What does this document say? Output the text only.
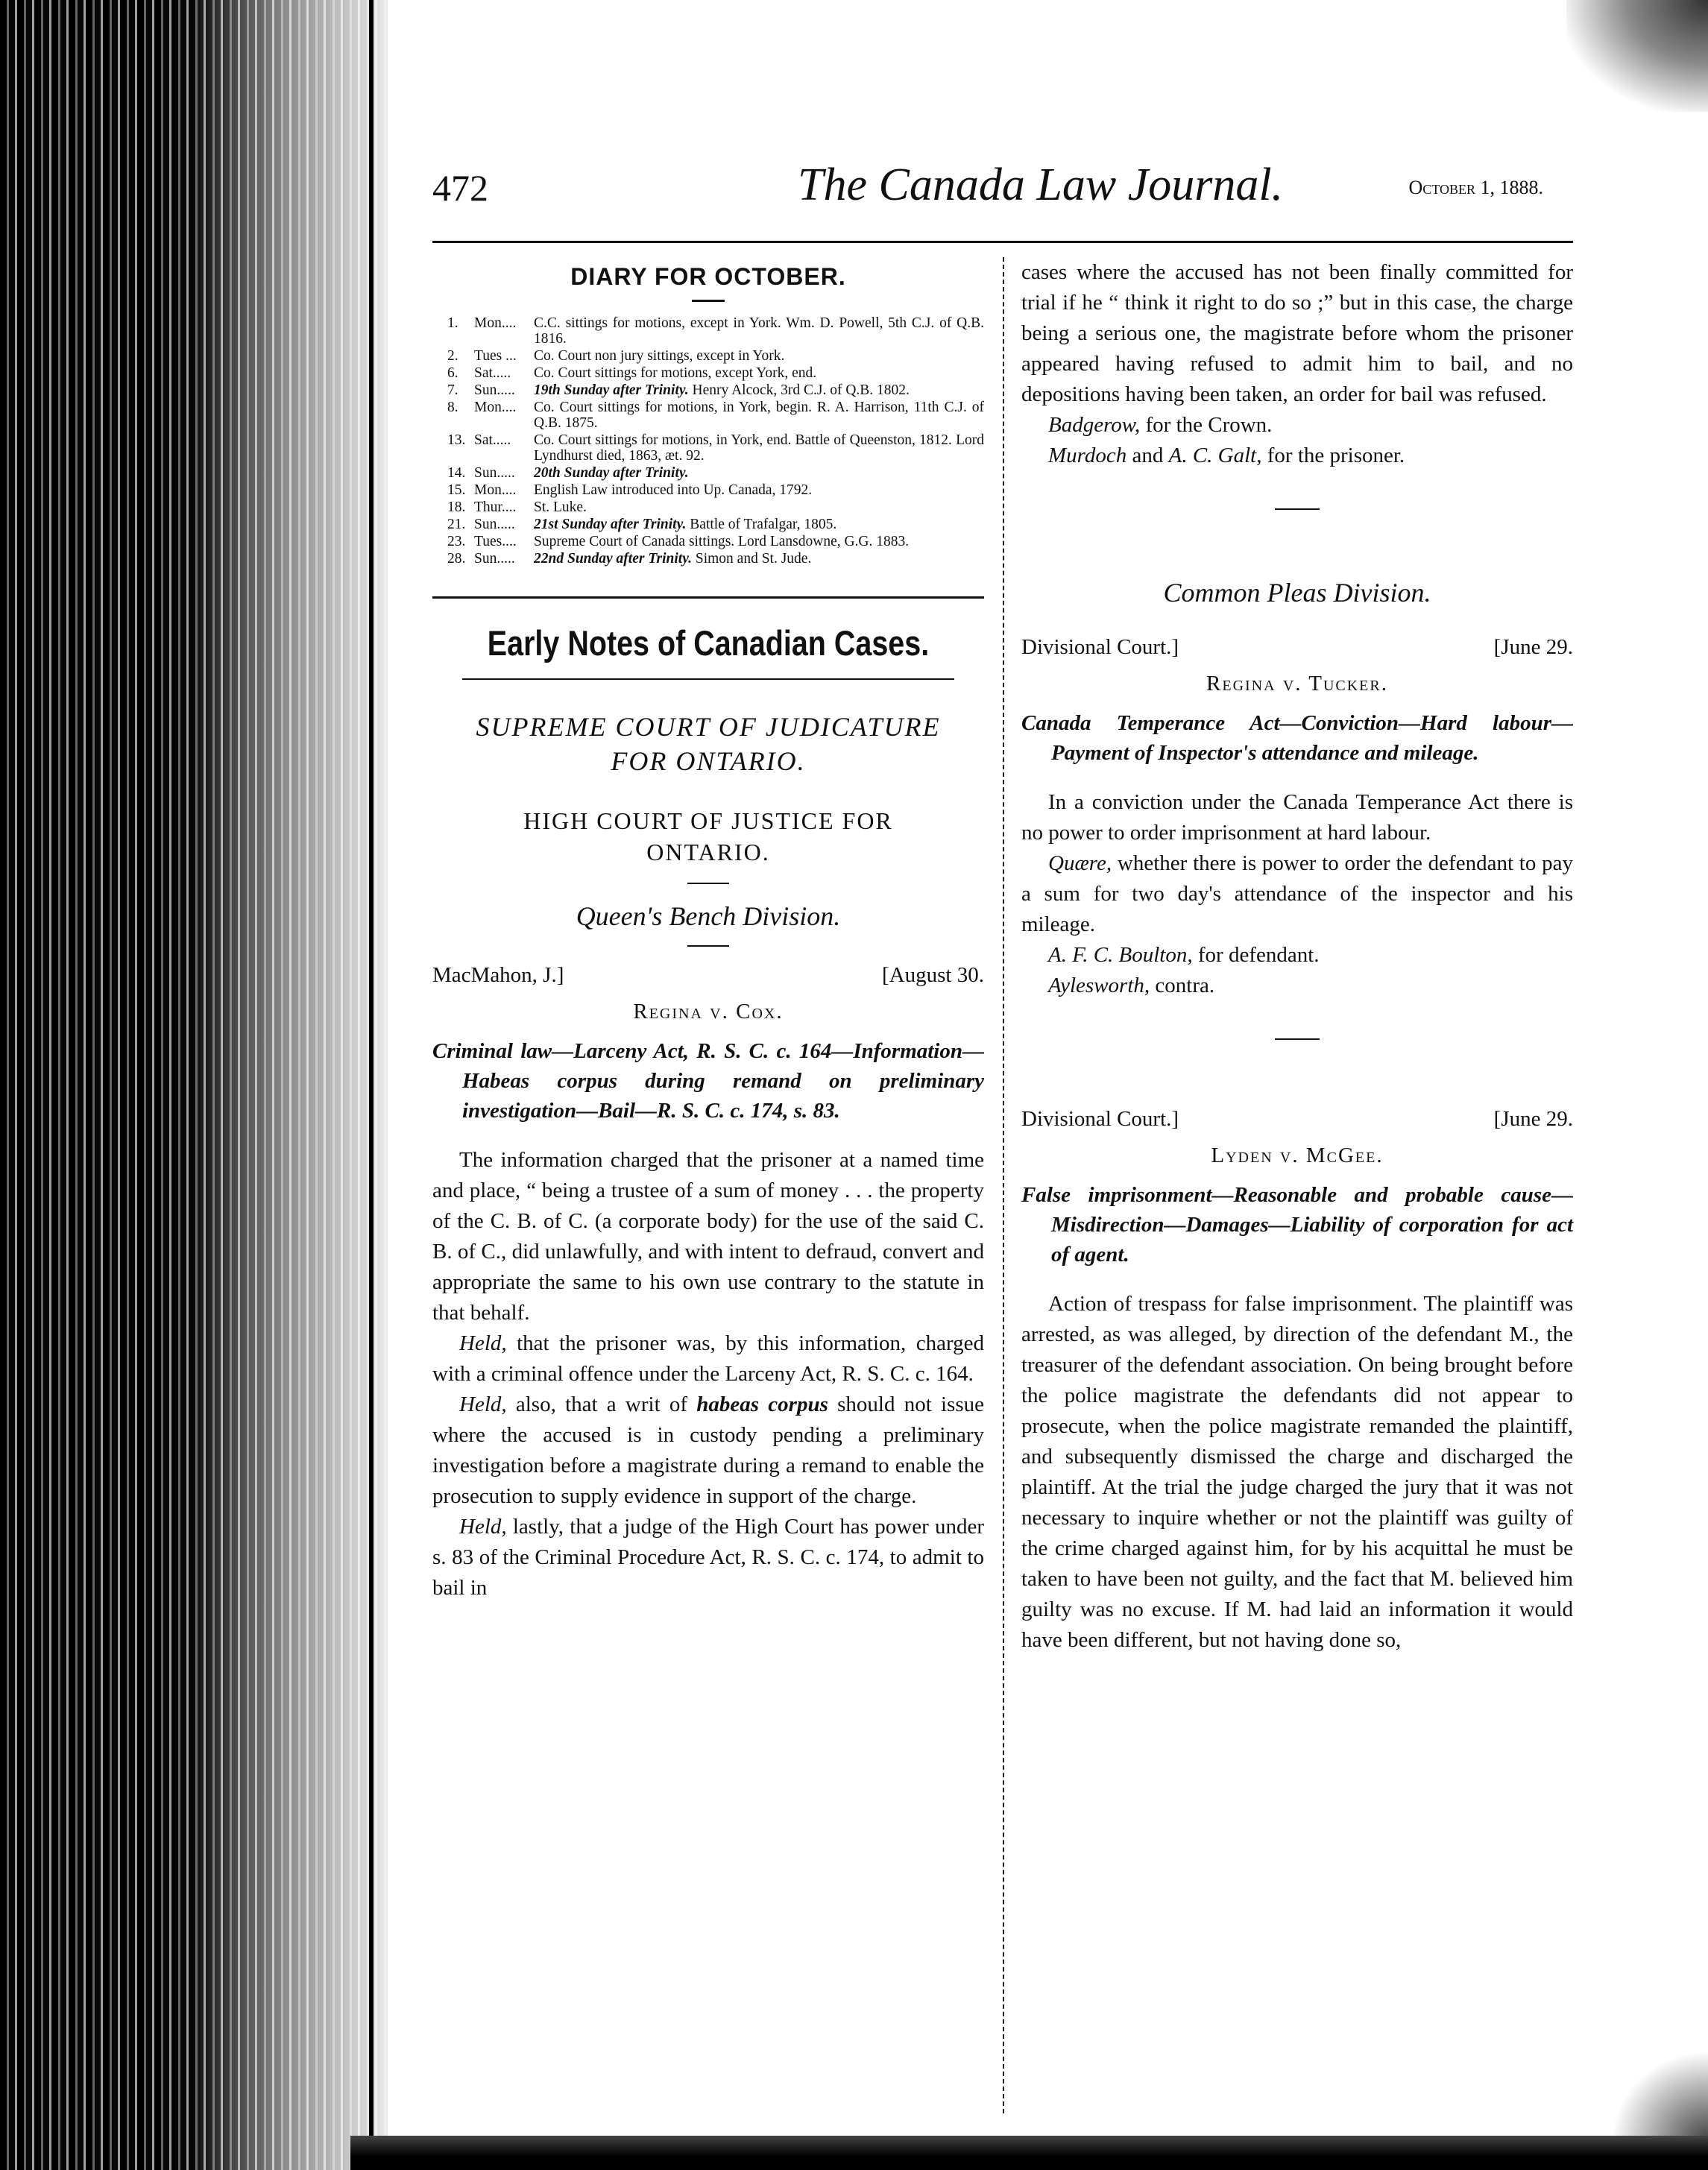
472	The Canada Law Journal.	October 1, 1888.
DIARY FOR OCTOBER.
1.	Mon....	C.C. sittings for motions, except in York. Wm. D. Powell, 5th C.J. of Q.B. 1816.
2.	Tues ...	Co. Court non jury sittings, except in York.
6.	Sat.....	Co. Court sittings for motions, except York, end.
7.	Sun.....	19th Sunday after Trinity. Henry Alcock, 3rd C.J. of Q.B. 1802.
8.	Mon....	Co. Court sittings for motions, in York, begin. R. A. Harrison, 11th C.J. of Q.B. 1875.
13. Sat.....	Co. Court sittings for motions, in York, end. Battle of Queenston, 1812. Lord Lyndhurst died, 1863, æt. 92.
14. Sun.....	20th Sunday after Trinity.
15. Mon....	English Law introduced into Up. Canada, 1792.
18. Thur....	St. Luke.
21. Sun.....	21st Sunday after Trinity. Battle of Trafalgar, 1805.
23. Tues....	Supreme Court of Canada sittings. Lord Lansdowne, G.G. 1883.
28. Sun.....	22nd Sunday after Trinity. Simon and St. Jude.
Early Notes of Canadian Cases.

SUPREME COURT OF JUDICATURE
FOR ONTARIO.

HIGH COURT OF JUSTICE FOR
ONTARIO.

Queen's Bench Division.

MacMahon, J.]	[August 30.

Regina v. Cox.

Criminal law—Larceny Act, R. S. C. c. 164—Information—Habeas corpus during remand on preliminary investigation—Bail—R. S. C. c. 174, s. 83.

The information charged that the prisoner at a named time and place, “ being a trustee of a sum of money . . . the property of the C. B. of C. (a corporate body) for the use of the said C. B. of C., did unlawfully, and with intent to defraud, convert and appropriate the same to his own use contrary to the statute in that behalf.

Held, that the prisoner was, by this information, charged with a criminal offence under the Larceny Act, R. S. C. c. 164.

Held, also, that a writ of habeas corpus should not issue where the accused is in custody pending a preliminary investigation before a magistrate during a remand to enable the prosecution to supply evidence in support of the charge.

Held, lastly, that a judge of the High Court has power under s. 83 of the Criminal Procedure Act, R. S. C. c. 174, to admit to bail in

cases where the accused has not been finally committed for trial if he “ think it right to do so ;” but in this case, the charge being a serious one, the magistrate before whom the prisoner appeared having refused to admit him to bail, and no depositions having been taken, an order for bail was refused.

Badgerow, for the Crown.

Murdoch and A. C. Galt, for the prisoner.

Common Pleas Division.

Divisional Court.]	[June 29.

Regina v. Tucker.

Canada Temperance Act—Conviction—Hard labour—Payment of Inspector's attendance and mileage.

In a conviction under the Canada Temperance Act there is no power to order imprisonment at hard labour.

Quære, whether there is power to order the defendant to pay a sum for two day's attendance of the inspector and his mileage.

A. F. C. Boulton, for defendant.

Aylesworth, contra.

Divisional Court.]	[June 29.

Lyden v. McGee.

False imprisonment—Reasonable and probable cause—Misdirection—Damages—Liability of corporation for act of agent.

Action of trespass for false imprisonment. The plaintiff was arrested, as was alleged, by direction of the defendant M., the treasurer of the defendant association. On being brought before the police magistrate the defendants did not appear to prosecute, when the police magistrate remanded the plaintiff, and subsequently dismissed the charge and discharged the plaintiff. At the trial the judge charged the jury that it was not necessary to inquire whether or not the plaintiff was guilty of the crime charged against him, for by his acquittal he must be taken to have been not guilty, and the fact that M. believed him guilty was no excuse. If M. had laid an information it would have been different, but not having done so,
